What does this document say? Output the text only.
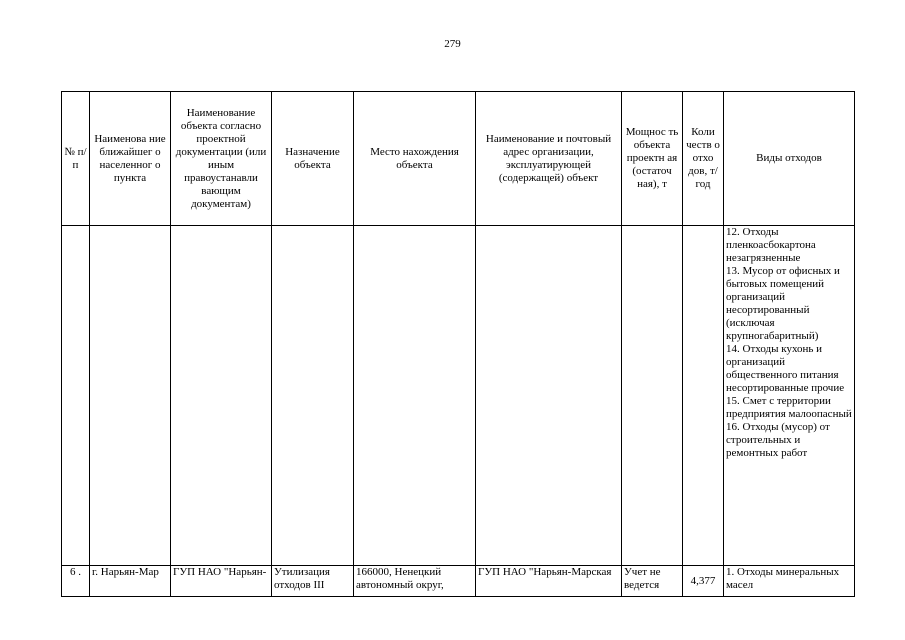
279
№ п/п	Наименова ние ближайшег о населенног о пункта	Наименование объекта согласно проектной документации (или иным правоустанавли вающим документам)	Назначение объекта	Место нахождения объекта	Наименование и почтовый адрес организации, эксплуатирующей (содержащей) объект	Мощнос ть объекта проектн ая (остаточ ная), т	Коли честв о отхо дов, т/год	Виды отходов

								12. Отходы пленкоасбокартона незагрязненные
13. Мусор от офисных и бытовых помещений организаций несортированный (исключая крупногабаритный)
14. Отходы кухонь и организаций общественного питания несортированные прочие
15. Смет с территории предприятия малоопасный
16. Отходы (мусор) от строительных и ремонтных работ

6 .	г. Нарьян-Мар	ГУП НАО "Нарьян-	Утилизация отходов III	166000, Ненецкий автономный округ,	ГУП НАО "Нарьян-Марская	Учет не ведется	4,377	1. Отходы минеральных масел
